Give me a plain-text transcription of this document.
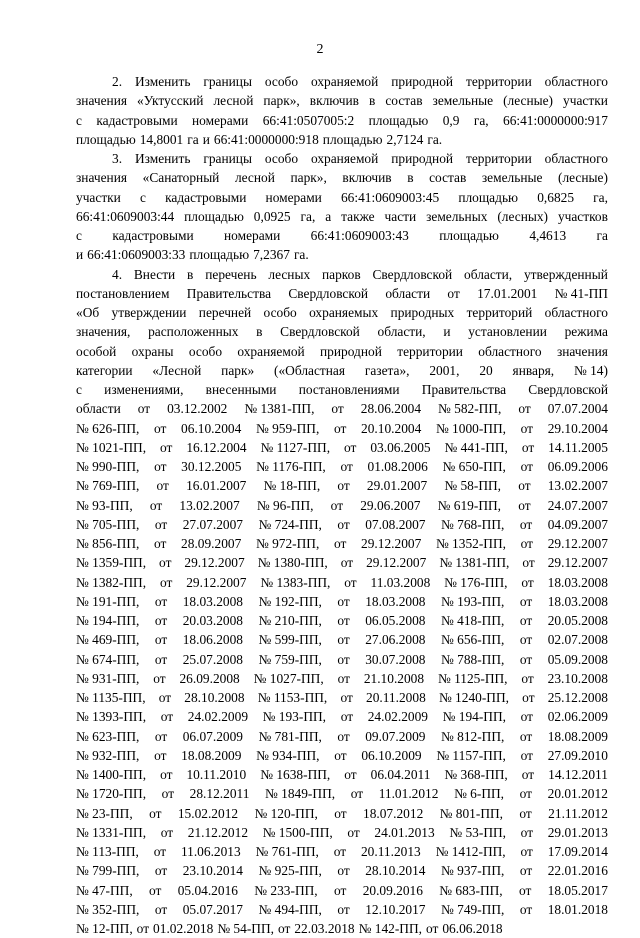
2
2. Изменить границы особо охраняемой природной территории областного
значения «Уктусский лесной парк», включив в состав земельные (лесные) участки
с кадастровыми номерами 66:41:0507005:2 площадью 0,9 га, 66:41:0000000:917
площадью 14,8001 га и 66:41:0000000:918 площадью 2,7124 га.
3. Изменить границы особо охраняемой природной территории областного
значения «Санаторный лесной парк», включив в состав земельные (лесные)
участки с кадастровыми номерами 66:41:0609003:45 площадью 0,6825 га,
66:41:0609003:44 площадью 0,0925 га, а также части земельных (лесных) участков
с кадастровыми номерами 66:41:0609003:43 площадью 4,4613 га
и 66:41:0609003:33 площадью 7,2367 га.
4. Внести в перечень лесных парков Свердловской области, утвержденный
постановлением Правительства Свердловской области от 17.01.2001 № 41-ПП
«Об утверждении перечней особо охраняемых природных территорий областного
значения, расположенных в Свердловской области, и установлении режима
особой охраны особо охраняемой природной территории областного значения
категории «Лесной парк» («Областная газета», 2001, 20 января, № 14)
с изменениями, внесенными постановлениями Правительства Свердловской
области от 03.12.2002 № 1381-ПП, от 28.06.2004 № 582-ПП, от 07.07.2004
№ 626-ПП, от 06.10.2004 № 959-ПП, от 20.10.2004 № 1000-ПП, от 29.10.2004
№ 1021-ПП, от 16.12.2004 № 1127-ПП, от 03.06.2005 № 441-ПП, от 14.11.2005
№ 990-ПП, от 30.12.2005 № 1176-ПП, от 01.08.2006 № 650-ПП, от 06.09.2006
№ 769-ПП, от 16.01.2007 № 18-ПП, от 29.01.2007 № 58-ПП, от 13.02.2007
№ 93-ПП, от 13.02.2007 № 96-ПП, от 29.06.2007 № 619-ПП, от 24.07.2007
№ 705-ПП, от 27.07.2007 № 724-ПП, от 07.08.2007 № 768-ПП, от 04.09.2007
№ 856-ПП, от 28.09.2007 № 972-ПП, от 29.12.2007 № 1352-ПП, от 29.12.2007
№ 1359-ПП, от 29.12.2007 № 1380-ПП, от 29.12.2007 № 1381-ПП, от 29.12.2007
№ 1382-ПП, от 29.12.2007 № 1383-ПП, от 11.03.2008 № 176-ПП, от 18.03.2008
№ 191-ПП, от 18.03.2008 № 192-ПП, от 18.03.2008 № 193-ПП, от 18.03.2008
№ 194-ПП, от 20.03.2008 № 210-ПП, от 06.05.2008 № 418-ПП, от 20.05.2008
№ 469-ПП, от 18.06.2008 № 599-ПП, от 27.06.2008 № 656-ПП, от 02.07.2008
№ 674-ПП, от 25.07.2008 № 759-ПП, от 30.07.2008 № 788-ПП, от 05.09.2008
№ 931-ПП, от 26.09.2008 № 1027-ПП, от 21.10.2008 № 1125-ПП, от 23.10.2008
№ 1135-ПП, от 28.10.2008 № 1153-ПП, от 20.11.2008 № 1240-ПП, от 25.12.2008
№ 1393-ПП, от 24.02.2009 № 193-ПП, от 24.02.2009 № 194-ПП, от 02.06.2009
№ 623-ПП, от 06.07.2009 № 781-ПП, от 09.07.2009 № 812-ПП, от 18.08.2009
№ 932-ПП, от 18.08.2009 № 934-ПП, от 06.10.2009 № 1157-ПП, от 27.09.2010
№ 1400-ПП, от 10.11.2010 № 1638-ПП, от 06.04.2011 № 368-ПП, от 14.12.2011
№ 1720-ПП, от 28.12.2011 № 1849-ПП, от 11.01.2012 № 6-ПП, от 20.01.2012
№ 23-ПП, от 15.02.2012 № 120-ПП, от 18.07.2012 № 801-ПП, от 21.11.2012
№ 1331-ПП, от 21.12.2012 № 1500-ПП, от 24.01.2013 № 53-ПП, от 29.01.2013
№ 113-ПП, от 11.06.2013 № 761-ПП, от 20.11.2013 № 1412-ПП, от 17.09.2014
№ 799-ПП, от 23.10.2014 № 925-ПП, от 28.10.2014 № 937-ПП, от 22.01.2016
№ 47-ПП, от 05.04.2016 № 233-ПП, от 20.09.2016 № 683-ПП, от 18.05.2017
№ 352-ПП, от 05.07.2017 № 494-ПП, от 12.10.2017 № 749-ПП, от 18.01.2018
№ 12-ПП, от 01.02.2018 № 54-ПП, от 22.03.2018 № 142-ПП, от 06.06.2018
